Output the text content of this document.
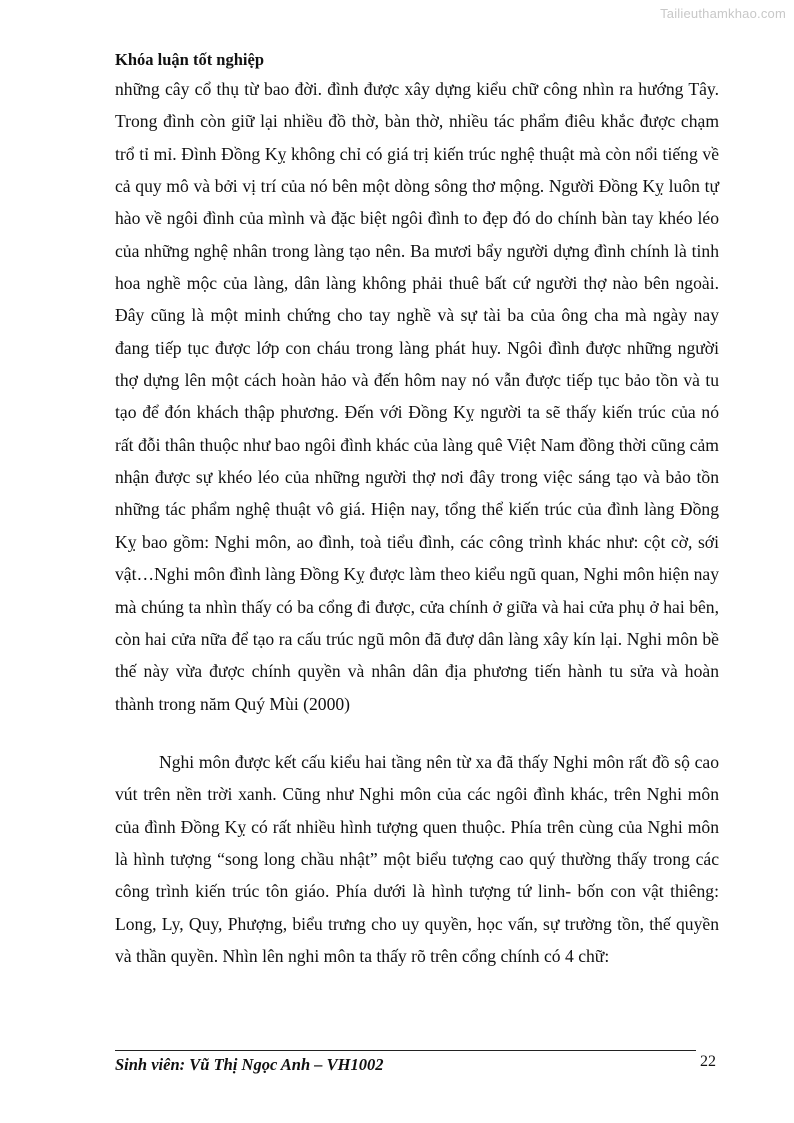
Tailieuthamkhao.com
Khóa luận tốt nghiệp

những cây cổ thụ từ bao đời. đình được xây dựng kiểu chữ công nhìn ra hướng Tây. Trong đình còn giữ lại nhiều đồ thờ, bàn thờ, nhiều tác phẩm điêu khắc được chạm trổ tỉ mỉ. Đình Đồng Kỵ không chỉ có giá trị kiến trúc nghệ thuật mà còn nổi tiếng về cả quy mô và bởi vị trí của nó bên một dòng sông thơ mộng. Người Đồng Kỵ luôn tự hào về ngôi đình của mình và đặc biệt ngôi đình to đẹp đó do chính bàn tay khéo léo của những nghệ nhân trong làng tạo nên. Ba mươi bẩy người dựng đình chính là tinh hoa nghề mộc của làng, dân làng không phải thuê bất cứ người thợ nào bên ngoài. Đây cũng là một minh chứng cho tay nghề và sự tài ba của ông cha mà ngày nay đang tiếp tục được lớp con cháu trong làng phát huy. Ngôi đình được những người thợ dựng lên một cách hoàn hảo và đến hôm nay nó vẫn được tiếp tục bảo tồn và tu tạo để đón khách thập phương. Đến với Đồng Kỵ người ta sẽ thấy kiến trúc của nó rất đỗi thân thuộc như bao ngôi đình khác của làng quê Việt Nam đồng thời cũng cảm nhận được sự khéo léo của những người thợ nơi đây trong việc sáng tạo và bảo tồn những tác phẩm nghệ thuật vô giá. Hiện nay, tổng thể kiến trúc của đình làng Đồng Kỵ bao gồm: Nghi môn, ao đình, toà tiểu đình, các công trình khác như: cột cờ, sới vật…Nghi môn đình làng Đồng Kỵ được làm theo kiểu ngũ quan, Nghi môn hiện nay mà chúng ta nhìn thấy có ba cổng đi được, cửa chính ở giữa và hai cửa phụ ở hai bên, còn hai cửa nữa để tạo ra cấu trúc ngũ môn đã đượ dân làng xây kín lại. Nghi môn bề thế này vừa được chính quyền và nhân dân địa phương tiến hành tu sửa và hoàn thành trong năm Quý Mùi (2000)

Nghi môn được kết cấu kiểu hai tầng nên từ xa đã thấy Nghi môn rất đồ sộ cao vút trên nền trời xanh. Cũng như Nghi môn của các ngôi đình khác, trên Nghi môn của đình Đồng Kỵ có rất nhiều hình tượng quen thuộc. Phía trên cùng của Nghi môn là hình tượng “song long chầu nhật” một biểu tượng cao quý thường thấy trong các công trình kiến trúc tôn giáo. Phía dưới là hình tượng tứ linh- bốn con vật thiêng: Long, Ly, Quy, Phượng, biểu trưng cho uy quyền, học vấn, sự trường tồn, thế quyền và thần quyền. Nhìn lên nghi môn ta thấy rõ trên cổng chính có 4 chữ:

Sinh viên: Vũ Thị Ngọc Anh – VH1002	22
